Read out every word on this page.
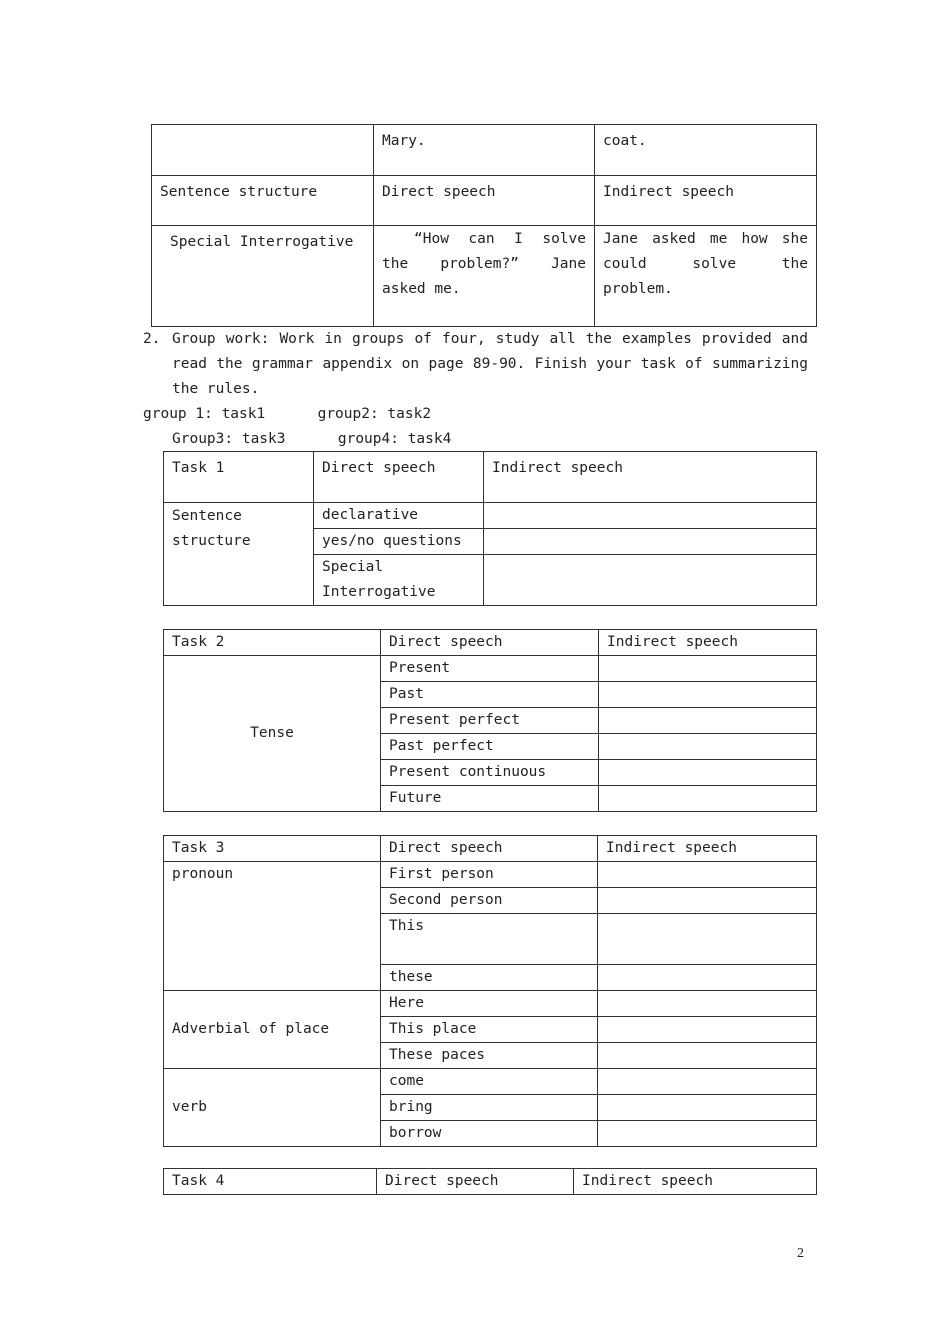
	Mary.	coat.
Sentence structure	Direct speech	Indirect speech
Special Interrogative	“How can I solve the problem?” Jane asked me.	Jane asked me how she could solve the problem.
2. Group work: Work in groups of four, study all the examples provided and read the grammar appendix on page 89-90. Finish your task of summarizing the rules.
group 1: task1      group2: task2
Group3: task3      group4: task4
Task 1	Direct speech	Indirect speech
Sentence structure	declarative	
	yes/no questions	
	Special Interrogative	
Task 2	Direct speech	Indirect speech
Tense	Present	
	Past	
	Present perfect	
	Past perfect	
	Present continuous	
	Future	
Task 3	Direct speech	Indirect speech
pronoun	First person	
	Second person	
	This	
	these	
Adverbial of place	Here	
	This place	
	These paces	
verb	come	
	bring	
	borrow	
Task 4	Direct speech	Indirect speech
2
